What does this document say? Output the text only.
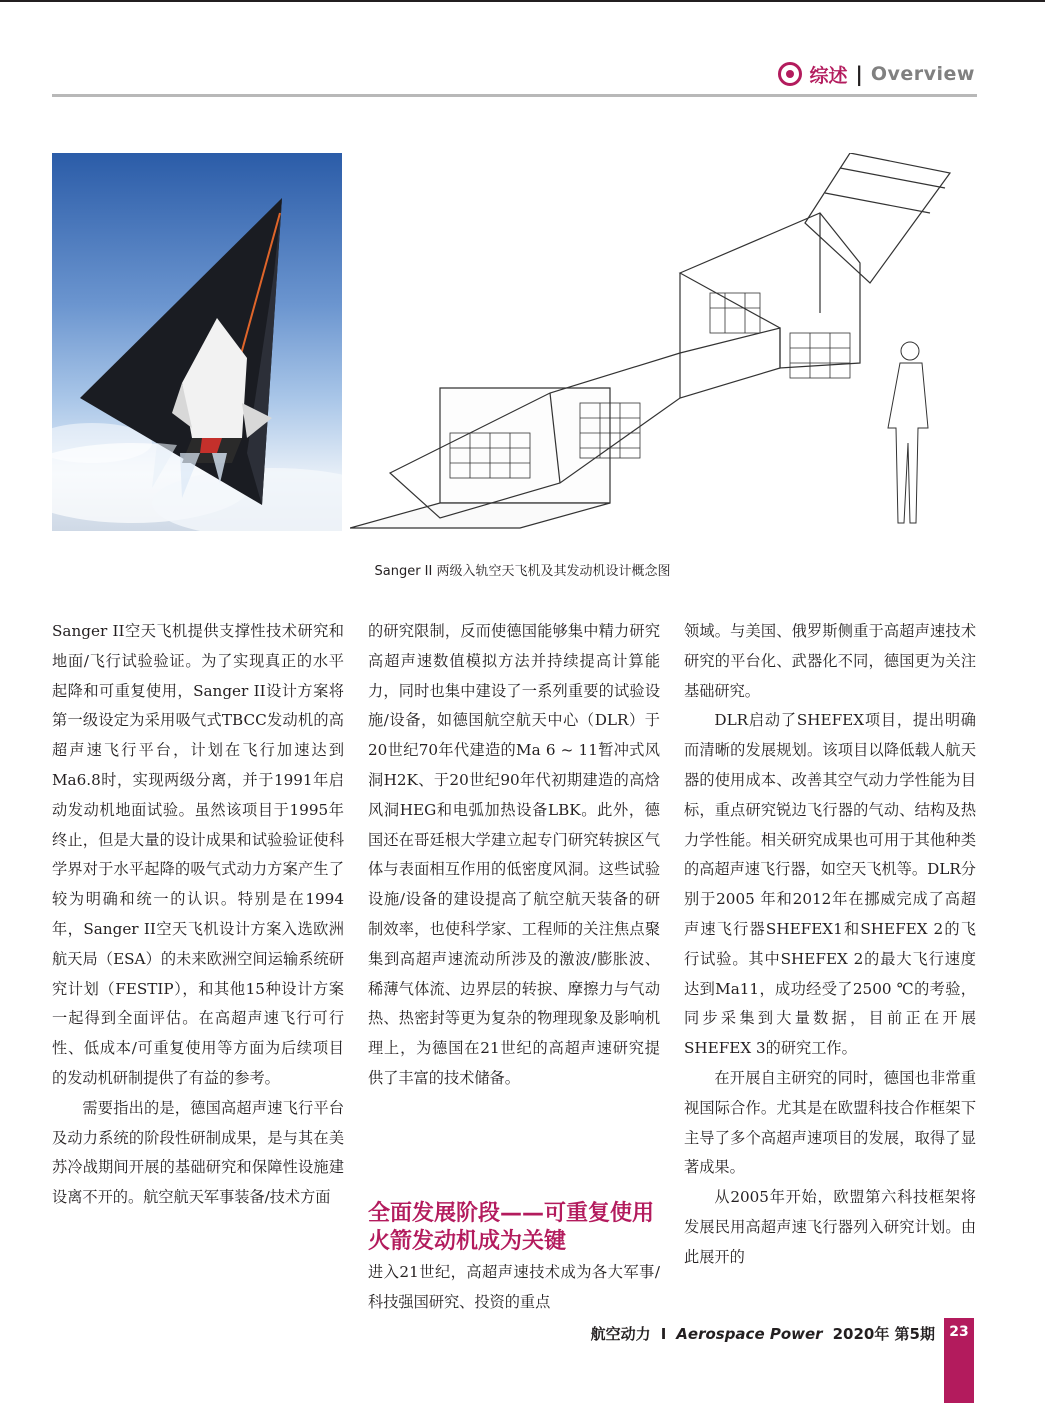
综述 | Overview
Sanger II 两级入轨空天飞机及其发动机设计概念图

Sanger II空天飞机提供支撑性技术研究和地面/飞行试验验证。为了实现真正的水平起降和可重复使用，Sanger II设计方案将第一级设定为采用吸气式TBCC发动机的高超声速飞行平台，计划在飞行加速达到Ma6.8时，实现两级分离，并于1991年启动发动机地面试验。虽然该项目于1995年终止，但是大量的设计成果和试验验证使科学界对于水平起降的吸气式动力方案产生了较为明确和统一的认识。特别是在1994年，Sanger II空天飞机设计方案入选欧洲航天局（ESA）的未来欧洲空间运输系统研究计划（FESTIP），和其他15种设计方案一起得到全面评估。在高超声速飞行可行性、低成本/可重复使用等方面为后续项目的发动机研制提供了有益的参考。

需要指出的是，德国高超声速飞行平台及动力系统的阶段性研制成果，是与其在美苏冷战期间开展的基础研究和保障性设施建设离不开的。航空航天军事装备/技术方面

的研究限制，反而使德国能够集中精力研究高超声速数值模拟方法并持续提高计算能力，同时也集中建设了一系列重要的试验设施/设备，如德国航空航天中心（DLR）于20世纪70年代建造的Ma 6 ~ 11暂冲式风洞H2K、于20世纪90年代初期建造的高焓风洞HEG和电弧加热设备LBK。此外，德国还在哥廷根大学建立起专门研究转捩区气体与表面相互作用的低密度风洞。这些试验设施/设备的建设提高了航空航天装备的研制效率，也使科学家、工程师的关注焦点聚集到高超声速流动所涉及的激波/膨胀波、稀薄气体流、边界层的转捩、摩擦力与气动热、热密封等更为复杂的物理现象及影响机理上，为德国在21世纪的高超声速研究提供了丰富的技术储备。

全面发展阶段——可重复使用火箭发动机成为关键

进入21世纪，高超声速技术成为各大军事/科技强国研究、投资的重点

领域。与美国、俄罗斯侧重于高超声速技术研究的平台化、武器化不同，德国更为关注基础研究。

DLR启动了SHEFEX项目，提出明确而清晰的发展规划。该项目以降低载人航天器的使用成本、改善其空气动力学性能为目标，重点研究锐边飞行器的气动、结构及热力学性能。相关研究成果也可用于其他种类的高超声速飞行器，如空天飞机等。DLR分别于2005 年和2012年在挪威完成了高超声速飞行器SHEFEX1和SHEFEX 2的飞行试验。其中SHEFEX 2的最大飞行速度达到Ma11，成功经受了2500 ℃的考验，同步采集到大量数据，目前正在开展SHEFEX 3的研究工作。

在开展自主研究的同时，德国也非常重视国际合作。尤其是在欧盟科技合作框架下主导了多个高超声速项目的发展，取得了显著成果。

从2005年开始，欧盟第六科技框架将发展民用高超声速飞行器列入研究计划。由此展开的

航空动力 I Aerospace Power 2020年 第5期	23
